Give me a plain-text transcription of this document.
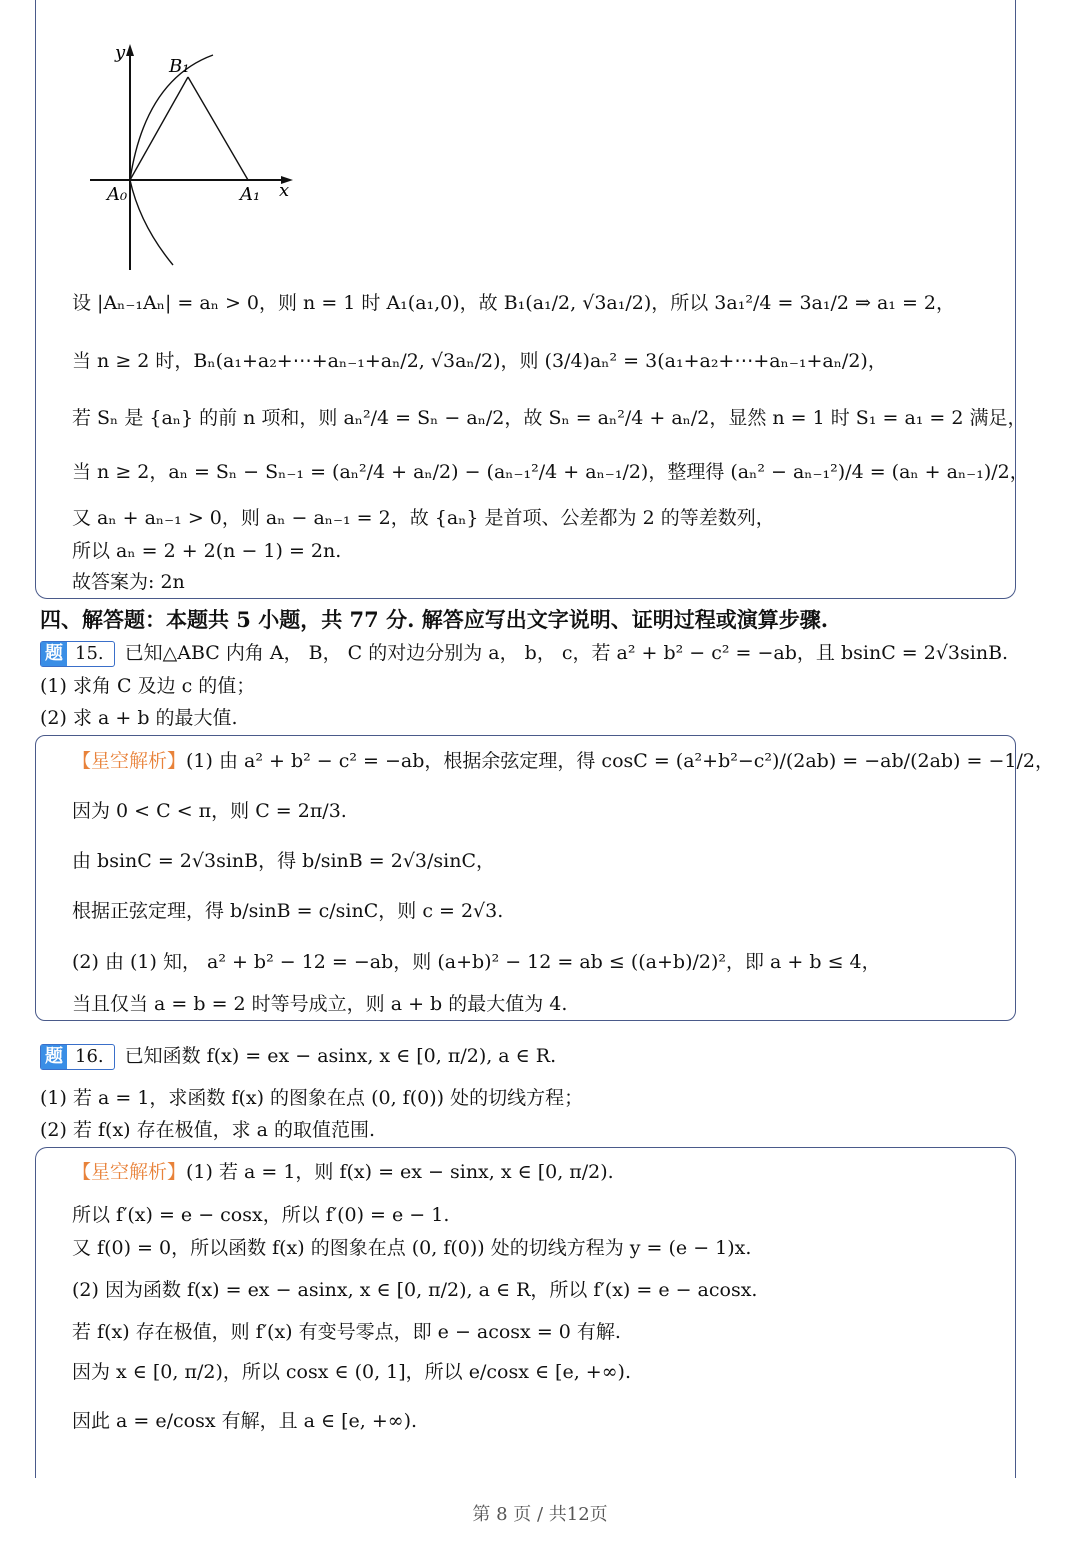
y
x
B₁
A₀	A₁
设 |Aₙ₋₁Aₙ| = aₙ > 0，则 n = 1 时 A₁(a₁,0)，故 B₁(a₁/2, √3a₁/2)，所以 3a₁²/4 = 3a₁/2 ⇒ a₁ = 2，
当 n ≥ 2 时，Bₙ(a₁+a₂+⋯+aₙ₋₁+aₙ/2, √3aₙ/2)，则 (3/4)aₙ² = 3(a₁+a₂+⋯+aₙ₋₁+aₙ/2)，
若 Sₙ 是 {aₙ} 的前 n 项和，则 aₙ²/4 = Sₙ − aₙ/2，故 Sₙ = aₙ²/4 + aₙ/2，显然 n = 1 时 S₁ = a₁ = 2 满足，
当 n ≥ 2，aₙ = Sₙ − Sₙ₋₁ = (aₙ²/4 + aₙ/2) − (aₙ₋₁²/4 + aₙ₋₁/2)，整理得 (aₙ² − aₙ₋₁²)/4 = (aₙ + aₙ₋₁)/2，
又 aₙ + aₙ₋₁ > 0，则 aₙ − aₙ₋₁ = 2，故 {aₙ} 是首项、公差都为 2 的等差数列，
所以 aₙ = 2 + 2(n − 1) = 2n.
故答案为: 2n
四、解答题：本题共 5 小题，共 77 分. 解答应写出文字说明、证明过程或演算步骤.
题 15. 已知△ABC 内角 A， B， C 的对边分别为 a， b， c，若 a² + b² − c² = −ab，且 bsinC = 2√3sinB.
(1) 求角 C 及边 c 的值；
(2) 求 a + b 的最大值.
【星空解析】(1) 由 a² + b² − c² = −ab，根据余弦定理，得 cosC = (a²+b²−c²)/(2ab) = −ab/(2ab) = −1/2，
因为 0 < C < π，则 C = 2π/3.
由 bsinC = 2√3sinB，得 b/sinB = 2√3/sinC，
根据正弦定理，得 b/sinB = c/sinC，则 c = 2√3.
(2) 由 (1) 知， a² + b² − 12 = −ab，则 (a+b)² − 12 = ab ≤ ((a+b)/2)²，即 a + b ≤ 4，
当且仅当 a = b = 2 时等号成立，则 a + b 的最大值为 4.
题 16. 已知函数 f(x) = ex − asinx, x ∈ [0, π/2), a ∈ R.
(1) 若 a = 1，求函数 f(x) 的图象在点 (0, f(0)) 处的切线方程；
(2) 若 f(x) 存在极值，求 a 的取值范围.
【星空解析】(1) 若 a = 1，则 f(x) = ex − sinx, x ∈ [0, π/2).
所以 f′(x) = e − cosx，所以 f′(0) = e − 1.
又 f(0) = 0，所以函数 f(x) 的图象在点 (0, f(0)) 处的切线方程为 y = (e − 1)x.
(2) 因为函数 f(x) = ex − asinx, x ∈ [0, π/2), a ∈ R，所以 f′(x) = e − acosx.
若 f(x) 存在极值，则 f′(x) 有变号零点，即 e − acosx = 0 有解.
因为 x ∈ [0, π/2)，所以 cosx ∈ (0, 1]，所以 e/cosx ∈ [e, +∞).
因此 a = e/cosx 有解，且 a ∈ [e, +∞).
第 8 页 / 共12页
